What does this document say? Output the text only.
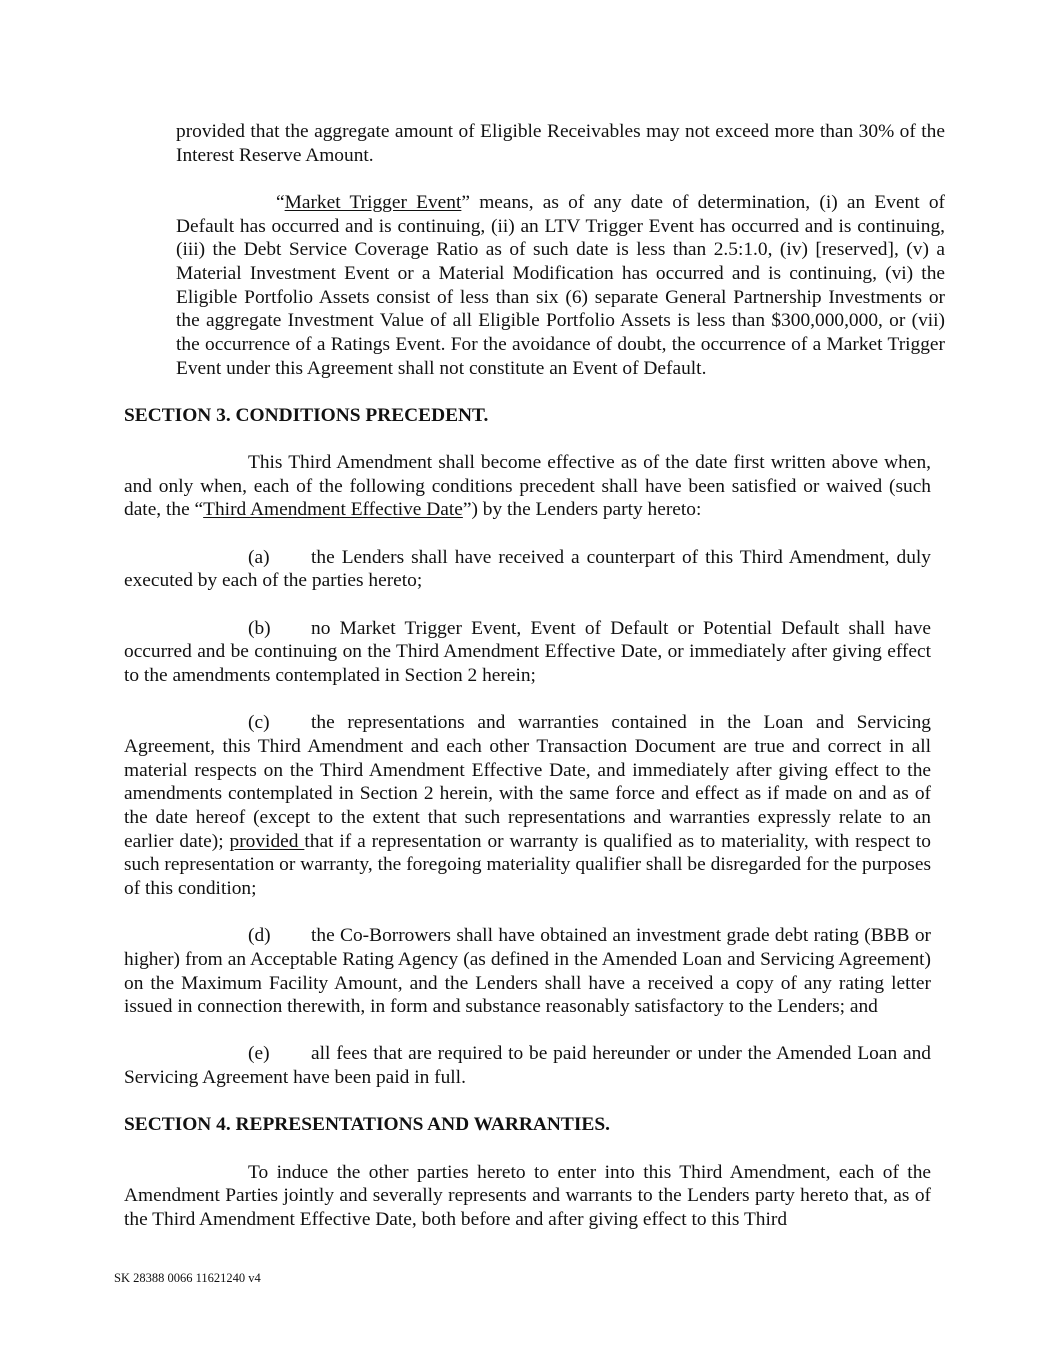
provided that the aggregate amount of Eligible Receivables may not exceed more than 30% of the Interest Reserve Amount.

“Market Trigger Event” means, as of any date of determination, (i) an Event of Default has occurred and is continuing, (ii) an LTV Trigger Event has occurred and is continuing, (iii) the Debt Service Coverage Ratio as of such date is less than 2.5:1.0, (iv) [reserved], (v) a Material Investment Event or a Material Modification has occurred and is continuing, (vi) the Eligible Portfolio Assets consist of less than six (6) separate General Partnership Investments or the aggregate Investment Value of all Eligible Portfolio Assets is less than $300,000,000, or (vii) the occurrence of a Ratings Event. For the avoidance of doubt, the occurrence of a Market Trigger Event under this Agreement shall not constitute an Event of Default.

SECTION 3. CONDITIONS PRECEDENT.

This Third Amendment shall become effective as of the date first written above when, and only when, each of the following conditions precedent shall have been satisfied or waived (such date, the “Third Amendment Effective Date”) by the Lenders party hereto:

(a) the Lenders shall have received a counterpart of this Third Amendment, duly executed by each of the parties hereto;

(b) no Market Trigger Event, Event of Default or Potential Default shall have occurred and be continuing on the Third Amendment Effective Date, or immediately after giving effect to the amendments contemplated in Section 2 herein;

(c) the representations and warranties contained in the Loan and Servicing Agreement, this Third Amendment and each other Transaction Document are true and correct in all material respects on the Third Amendment Effective Date, and immediately after giving effect to the amendments contemplated in Section 2 herein, with the same force and effect as if made on and as of the date hereof (except to the extent that such representations and warranties expressly relate to an earlier date); provided that if a representation or warranty is qualified as to materiality, with respect to such representation or warranty, the foregoing materiality qualifier shall be disregarded for the purposes of this condition;

(d) the Co-Borrowers shall have obtained an investment grade debt rating (BBB or higher) from an Acceptable Rating Agency (as defined in the Amended Loan and Servicing Agreement) on the Maximum Facility Amount, and the Lenders shall have a received a copy of any rating letter issued in connection therewith, in form and substance reasonably satisfactory to the Lenders; and

(e) all fees that are required to be paid hereunder or under the Amended Loan and Servicing Agreement have been paid in full.

SECTION 4. REPRESENTATIONS AND WARRANTIES.

To induce the other parties hereto to enter into this Third Amendment, each of the Amendment Parties jointly and severally represents and warrants to the Lenders party hereto that, as of the Third Amendment Effective Date, both before and after giving effect to this Third

SK 28388 0066 11621240 v4
